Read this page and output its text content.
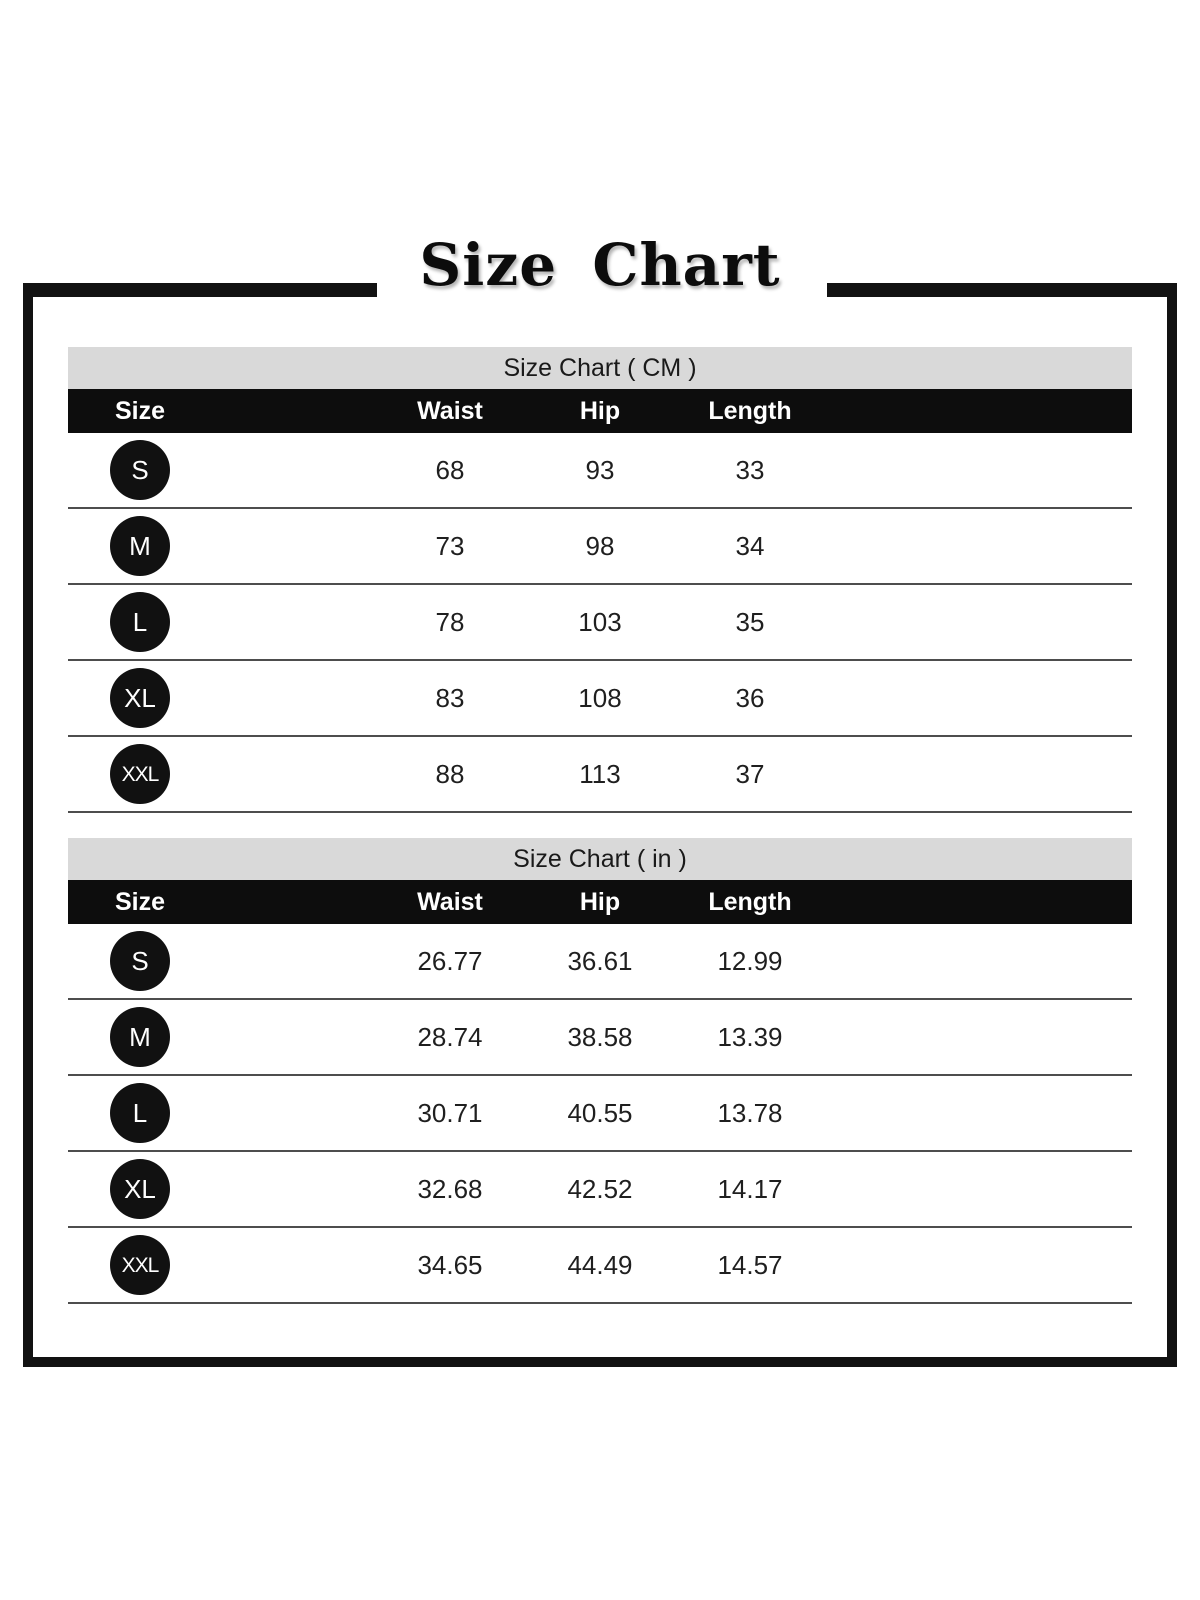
Size Chart
Size Chart ( CM )
Size	Waist	Hip	Length
S	68	93	33
M	73	98	34
L	78	103	35
XL	83	108	36
XXL	88	113	37
Size Chart ( in )
Size	Waist	Hip	Length
S	26.77	36.61	12.99
M	28.74	38.58	13.39
L	30.71	40.55	13.78
XL	32.68	42.52	14.17
XXL	34.65	44.49	14.57
